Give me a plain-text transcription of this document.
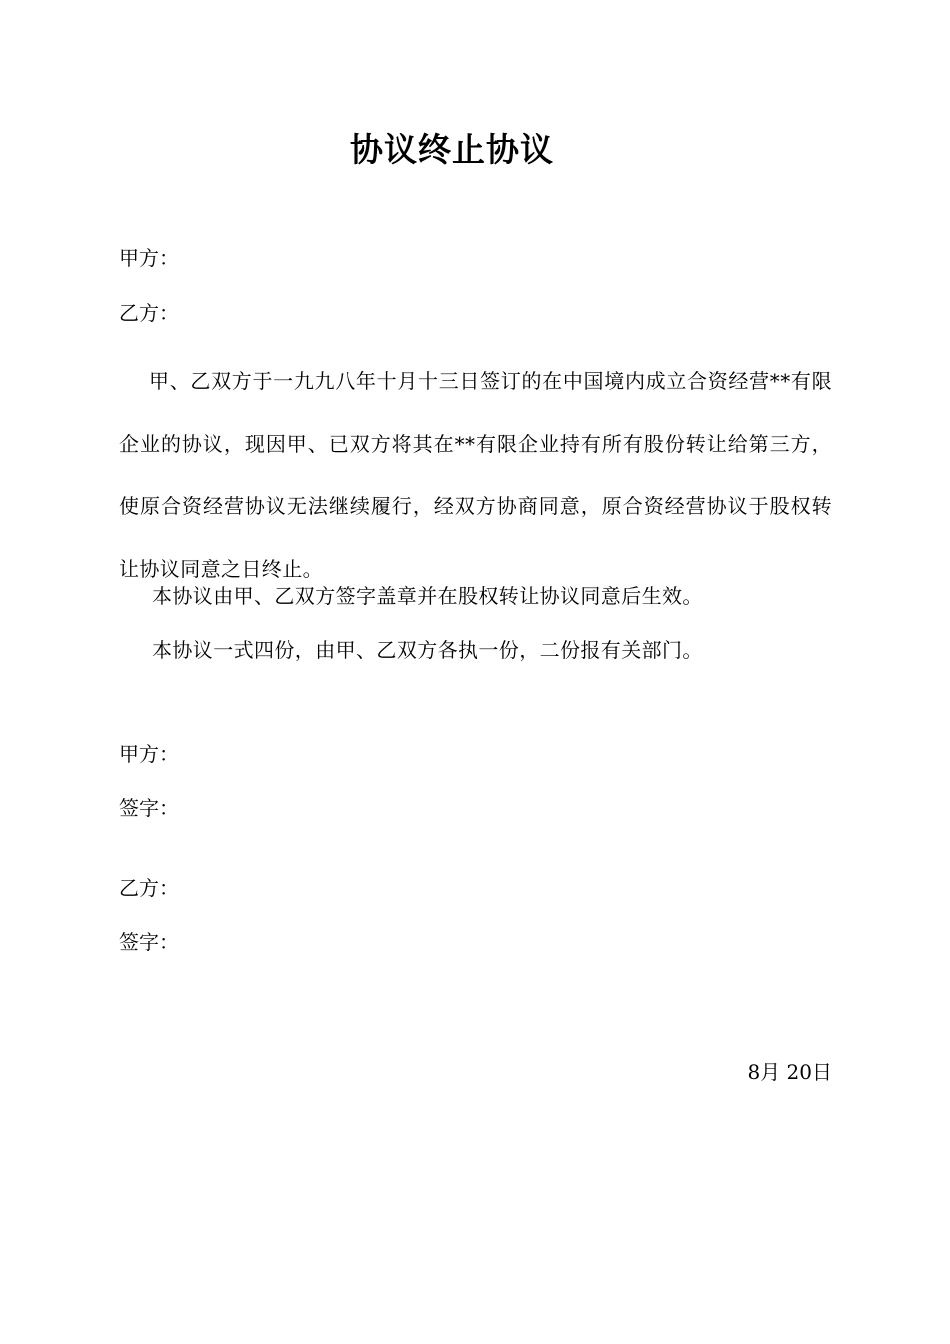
协议终止协议
甲方：
乙方：
甲、乙双方于一九九八年十月十三日签订的在中国境内成立合资经营**有限企业的协议，现因甲、已双方将其在**有限企业持有所有股份转让给第三方，使原合资经营协议无法继续履行，经双方协商同意，原合资经营协议于股权转让协议同意之日终止。
本协议由甲、乙双方签字盖章并在股权转让协议同意后生效。
本协议一式四份，由甲、乙双方各执一份，二份报有关部门。
甲方：
签字：
乙方：
签字：
8月 20日
